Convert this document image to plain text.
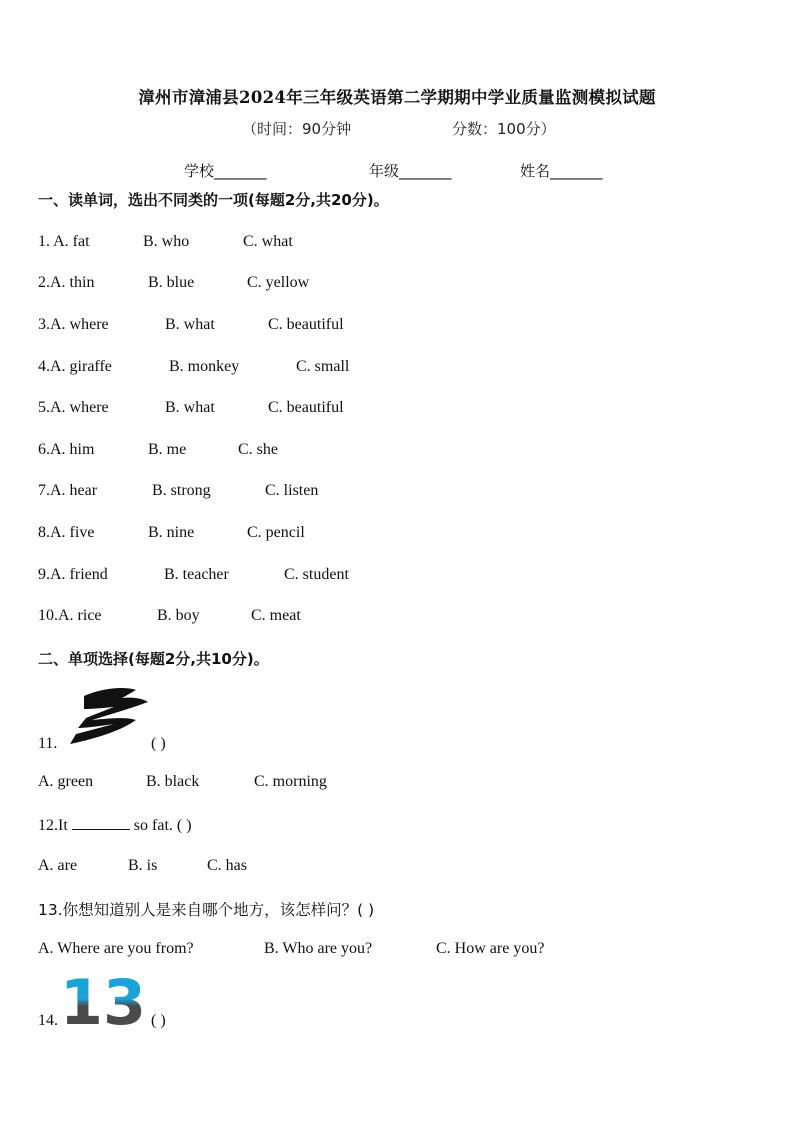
漳州市漳浦县2024年三年级英语第二学期期中学业质量监测模拟试题
（时间：90分钟	分数：100分）
学校_______	年级_______	姓名_______
一、读单词，选出不同类的一项(每题2分,共20分)。
1. A. fat	B. who	C. what
2.A. thin	B. blue	C. yellow
3.A. where	B. what	C. beautiful
4.A. giraffe	B. monkey	C. small
5.A. where	B. what	C. beautiful
6.A. him	B. me	C. she
7.A. hear	B. strong	C. listen
8.A. five	B. nine	C. pencil
9.A. friend	B. teacher	C. student
10.A. rice	B. boy	C. meat
二、单项选择(每题2分,共10分)。
11.	( )
A. green	B. black	C. morning
12.It	so fat. ( )
A. are	B. is	C. has
13.你想知道别人是来自哪个地方，该怎样问？( )
A. Where are you from?	B. Who are you?	C. How are you?
14.	( )
13
